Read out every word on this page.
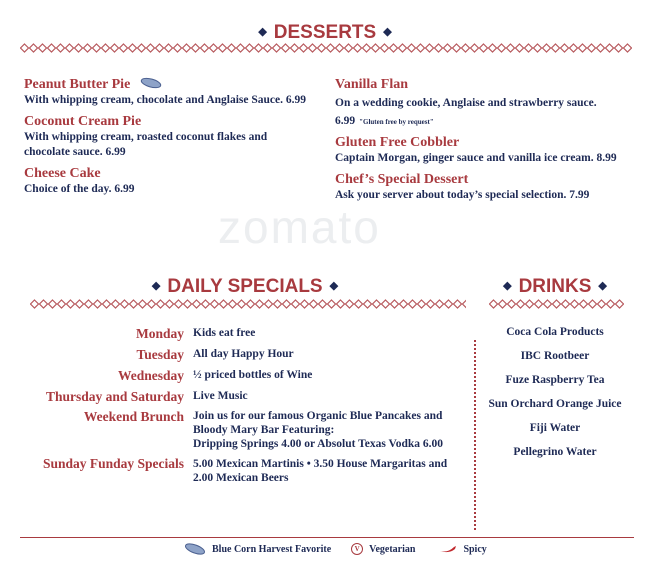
zomato
◆ DESSERTS ◆
Peanut Butter Pie
With whipping cream, chocolate and Anglaise Sauce. 6.99
Coconut Cream Pie
With whipping cream, roasted coconut flakes and chocolate sauce. 6.99
Cheese Cake
Choice of the day. 6.99
Vanilla Flan
On a wedding cookie, Anglaise and strawberry sauce. 6.99 "Gluten free by request"
Gluten Free Cobbler
Captain Morgan, ginger sauce and vanilla ice cream. 8.99
Chef’s Special Dessert
Ask your server about today’s special selection. 7.99
◆ DAILY SPECIALS ◆	◆ DRINKS ◆
Monday Kids eat free
Tuesday All day Happy Hour
Wednesday ½ priced bottles of Wine
Thursday and Saturday Live Music
Weekend Brunch Join us for our famous Organic Blue Pancakes and
Bloody Mary Bar Featuring:
Dripping Springs 4.00 or Absolut Texas Vodka 6.00
Sunday Funday Specials 5.00 Mexican Martinis • 3.50 House Margaritas and
2.00 Mexican Beers
Coca Cola Products
IBC Rootbeer
Fuze Raspberry Tea
Sun Orchard Orange Juice
Fiji Water
Pellegrino Water
Blue Corn Harvest Favorite	V Vegetarian	Spicy
